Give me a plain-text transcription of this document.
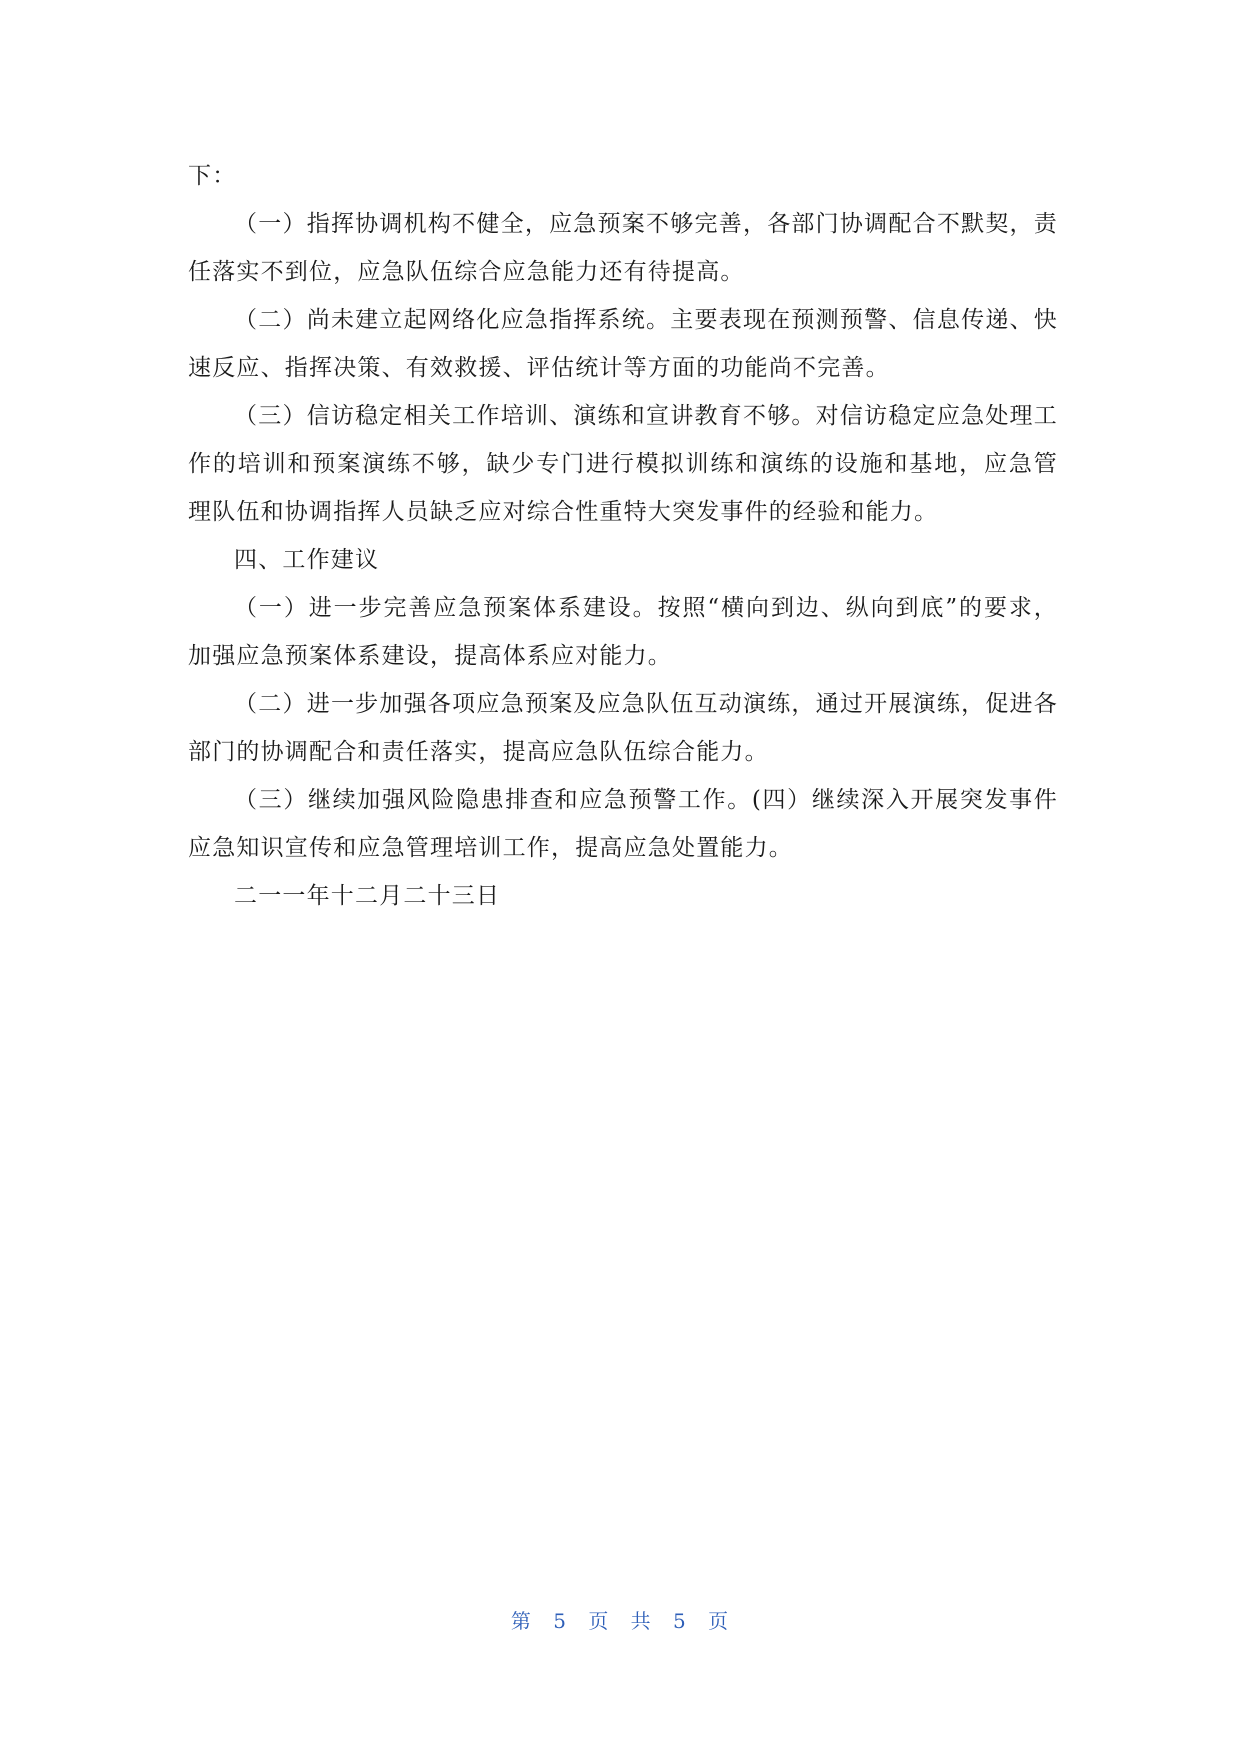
下：

（一）指挥协调机构不健全，应急预案不够完善，各部门协调配合不默契，责任落实不到位，应急队伍综合应急能力还有待提高。

（二）尚未建立起网络化应急指挥系统。主要表现在预测预警、信息传递、快速反应、指挥决策、有效救援、评估统计等方面的功能尚不完善。

（三）信访稳定相关工作培训、演练和宣讲教育不够。对信访稳定应急处理工作的培训和预案演练不够，缺少专门进行模拟训练和演练的设施和基地，应急管理队伍和协调指挥人员缺乏应对综合性重特大突发事件的经验和能力。

四、工作建议

（一）进一步完善应急预案体系建设。按照“横向到边、纵向到底”的要求，加强应急预案体系建设，提高体系应对能力。

（二）进一步加强各项应急预案及应急队伍互动演练，通过开展演练，促进各部门的协调配合和责任落实，提高应急队伍综合能力。

（三）继续加强风险隐患排查和应急预警工作。(四）继续深入开展突发事件应急知识宣传和应急管理培训工作，提高应急处置能力。

二一一年十二月二十三日

第 5 页 共 5 页
